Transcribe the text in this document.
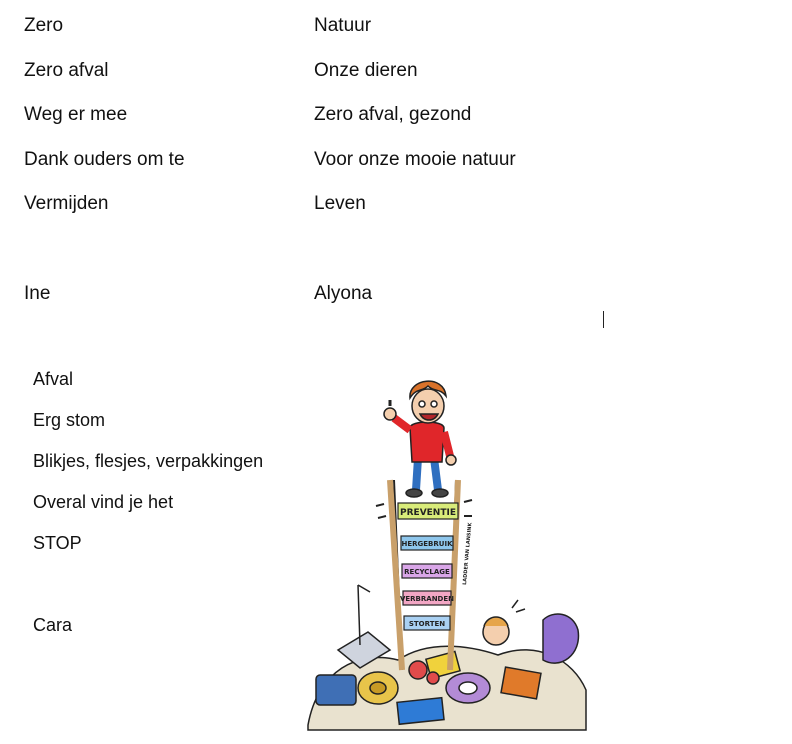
Zero
Zero afval
Weg er mee
Dank ouders om te
Vermijden
Ine
Natuur
Onze dieren
Zero afval, gezond
Voor onze mooie natuur
Leven
Alyona
Afval
Erg stom
Blikjes, flesjes, verpakkingen
Overal vind je het
STOP
Cara
PREVENTIE
HERGEBRUIK
RECYCLAGE
VERBRANDEN
STORTEN
LADDER VAN LANSINK
